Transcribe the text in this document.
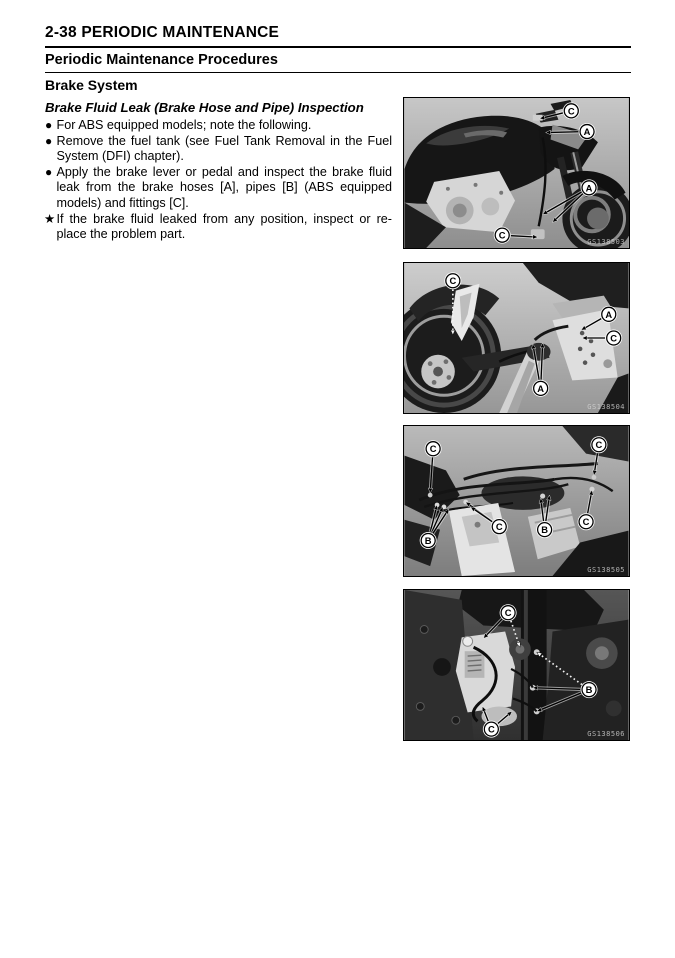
2-38 PERIODIC MAINTENANCE
Periodic Maintenance Procedures
Brake System
Brake Fluid Leak (Brake Hose and Pipe) Inspection
● For ABS equipped models; note the following.
● Remove the fuel tank (see Fuel Tank Removal in the Fuel System (DFI) chapter).
● Apply the brake lever or pedal and inspect the brake fluid leak from the brake hoses [A], pipes [B] (ABS equipped models) and fittings [C].
★ If the brake fluid leaked from any position, inspect or replace the problem part.
C
A
A
C
GS138503
C
A
C
A
GS138504
C	C
B
C	B
C
GS138505
C
B
C	GS138506
